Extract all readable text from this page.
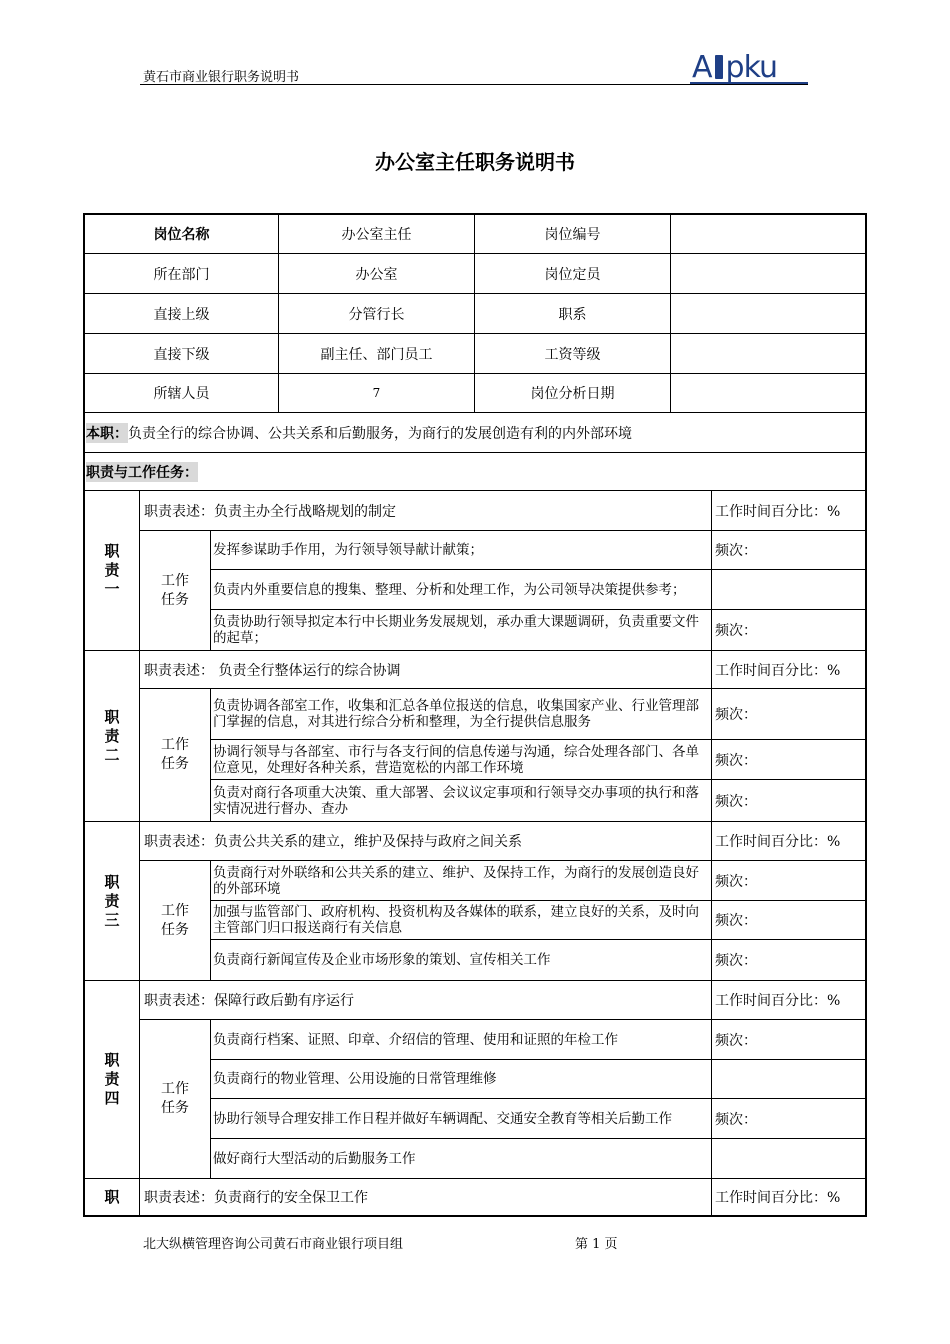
黄石市商业银行职务说明书	A pku
办公室主任职务说明书
岗位名称	办公室主任	岗位编号
所在部门	办公室	岗位定员
直接上级	分管行长	职系
直接下级	副主任、部门员工	工资等级
所辖人员	7	岗位分析日期
本职： 负责全行的综合协调、公共关系和后勤服务，为商行的发展创造有利的内外部环境
职责与工作任务：
职
责
一
职责表述：负责主办全行战略规划的制定	工作时间百分比：%
工作
任务
发挥参谋助手作用，为行领导领导献计献策；	频次：
负责内外重要信息的搜集、整理、分析和处理工作，为公司领导决策提供参考；
负责协助行领导拟定本行中长期业务发展规划，承办重大课题调研，负责重要文件的起草；	频次：
职
责
二
职责表述： 负责全行整体运行的综合协调	工作时间百分比：%
工作
任务
负责协调各部室工作，收集和汇总各单位报送的信息，收集国家产业、行业管理部门掌握的信息，对其进行综合分析和整理，为全行提供信息服务	频次：
协调行领导与各部室、市行与各支行间的信息传递与沟通，综合处理各部门、各单位意见，处理好各种关系，营造宽松的内部工作环境	频次：
负责对商行各项重大决策、重大部署、会议议定事项和行领导交办事项的执行和落实情况进行督办、查办	频次：
职
责
三
职责表述：负责公共关系的建立，维护及保持与政府之间关系	工作时间百分比：%
工作
任务
负责商行对外联络和公共关系的建立、维护、及保持工作，为商行的发展创造良好的外部环境	频次：
加强与监管部门、政府机构、投资机构及各媒体的联系，建立良好的关系，及时向主管部门归口报送商行有关信息	频次：
负责商行新闻宣传及企业市场形象的策划、宣传相关工作	频次：
职
责
四
职责表述：保障行政后勤有序运行	工作时间百分比：%
工作
任务
负责商行档案、证照、印章、介绍信的管理、使用和证照的年检工作	频次：
负责商行的物业管理、公用设施的日常管理维修
协助行领导合理安排工作日程并做好车辆调配、交通安全教育等相关后勤工作	频次：
做好商行大型活动的后勤服务工作
职	职责表述：负责商行的安全保卫工作	工作时间百分比：%
北大纵横管理咨询公司黄石市商业银行项目组	第 1 页
